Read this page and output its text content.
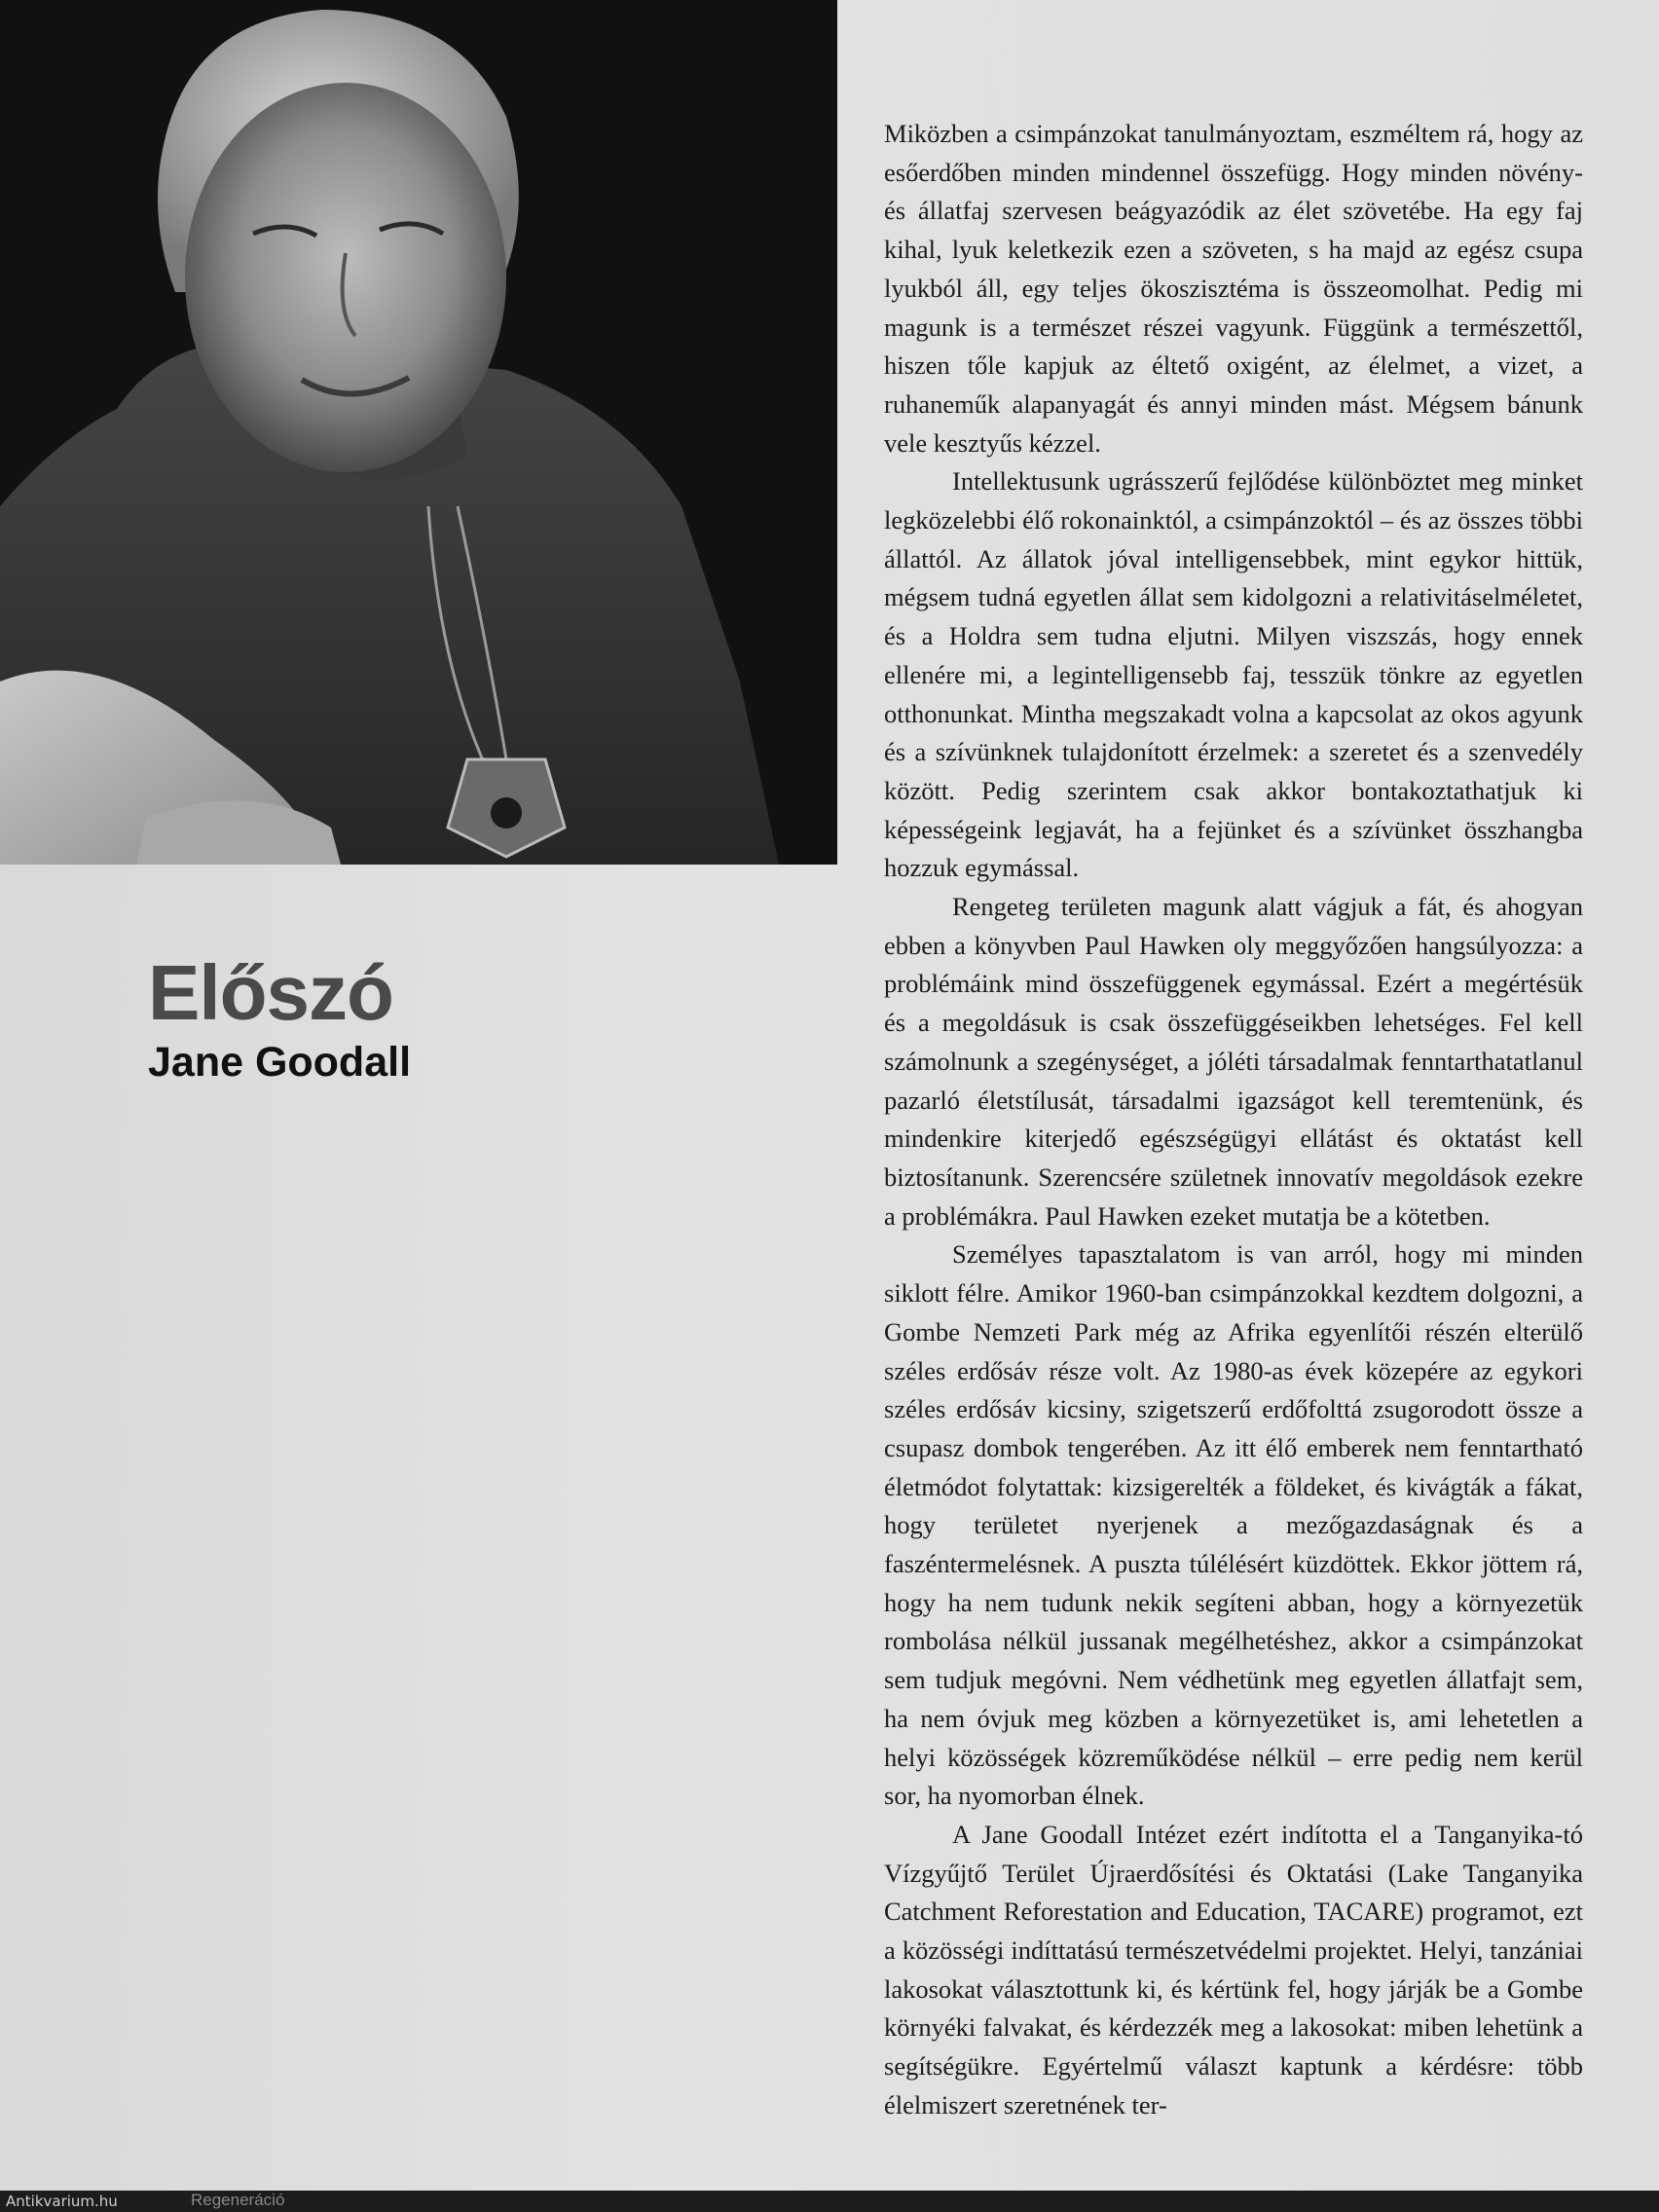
Előszó
Jane Goodall

Miközben a csimpánzokat tanulmányoztam, eszméltem rá, hogy az esőerdőben minden mindennel összefügg. Hogy minden növény- és állatfaj szervesen beágyazódik az élet szövetébe. Ha egy faj kihal, lyuk keletkezik ezen a szöveten, s ha majd az egész csupa lyukból áll, egy teljes ökoszisztéma is összeomolhat. Pedig mi magunk is a természet részei vagyunk. Függünk a természettől, hiszen tőle kapjuk az éltető oxigént, az élelmet, a vizet, a ruhaneműk alapanyagát és annyi minden mást. Mégsem bánunk vele kesztyűs kézzel.

Intellektusunk ugrásszerű fejlődése különböztet meg minket legközelebbi élő rokonainktól, a csimpánzoktól – és az összes többi állattól. Az állatok jóval intelligensebbek, mint egykor hittük, mégsem tudná egyetlen állat sem kidolgozni a relativitáselméletet, és a Holdra sem tudna eljutni. Milyen viszszás, hogy ennek ellenére mi, a legintelligensebb faj, tesszük tönkre az egyetlen otthonunkat. Mintha megszakadt volna a kapcsolat az okos agyunk és a szívünknek tulajdonított érzelmek: a szeretet és a szenvedély között. Pedig szerintem csak akkor bontakoztathatjuk ki képességeink legjavát, ha a fejünket és a szívünket összhangba hozzuk egymással.

Rengeteg területen magunk alatt vágjuk a fát, és ahogyan ebben a könyvben Paul Hawken oly meggyőzően hangsúlyozza: a problémáink mind összefüggenek egymással. Ezért a megértésük és a megoldásuk is csak összefüggéseikben lehetséges. Fel kell számolnunk a szegénységet, a jóléti társadalmak fenntarthatatlanul pazarló életstílusát, társadalmi igazságot kell teremtenünk, és mindenkire kiterjedő egészségügyi ellátást és oktatást kell biztosítanunk. Szerencsére születnek innovatív megoldások ezekre a problémákra. Paul Hawken ezeket mutatja be a kötetben.

Személyes tapasztalatom is van arról, hogy mi minden siklott félre. Amikor 1960-ban csimpánzokkal kezdtem dolgozni, a Gombe Nemzeti Park még az Afrika egyenlítői részén elterülő széles erdősáv része volt. Az 1980-as évek közepére az egykori széles erdősáv kicsiny, szigetszerű erdőfolttá zsugorodott össze a csupasz dombok tengerében. Az itt élő emberek nem fenntartható életmódot folytattak: kizsigerelték a földeket, és kivágták a fákat, hogy területet nyerjenek a mezőgazdaságnak és a faszéntermelésnek. A puszta túlélésért küzdöttek. Ekkor jöttem rá, hogy ha nem tudunk nekik segíteni abban, hogy a környezetük rombolása nélkül jussanak megélhetéshez, akkor a csimpánzokat sem tudjuk megóvni. Nem védhetünk meg egyetlen állatfajt sem, ha nem óvjuk meg közben a környezetüket is, ami lehetetlen a helyi közösségek közreműködése nélkül – erre pedig nem kerül sor, ha nyomorban élnek.

A Jane Goodall Intézet ezért indította el a Tanganyika-tó Vízgyűjtő Terület Újraerdősítési és Oktatási (Lake Tanganyika Catchment Reforestation and Education, TACARE) programot, ezt a közösségi indíttatású természetvédelmi projektet. Helyi, tanzániai lakosokat választottunk ki, és kértünk fel, hogy járják be a Gombe környéki falvakat, és kérdezzék meg a lakosokat: miben lehetünk a segítségükre. Egyértelmű választ kaptunk a kérdésre: több élelmiszert szeretnének ter-

Antikvarium.hu	Regeneráció
